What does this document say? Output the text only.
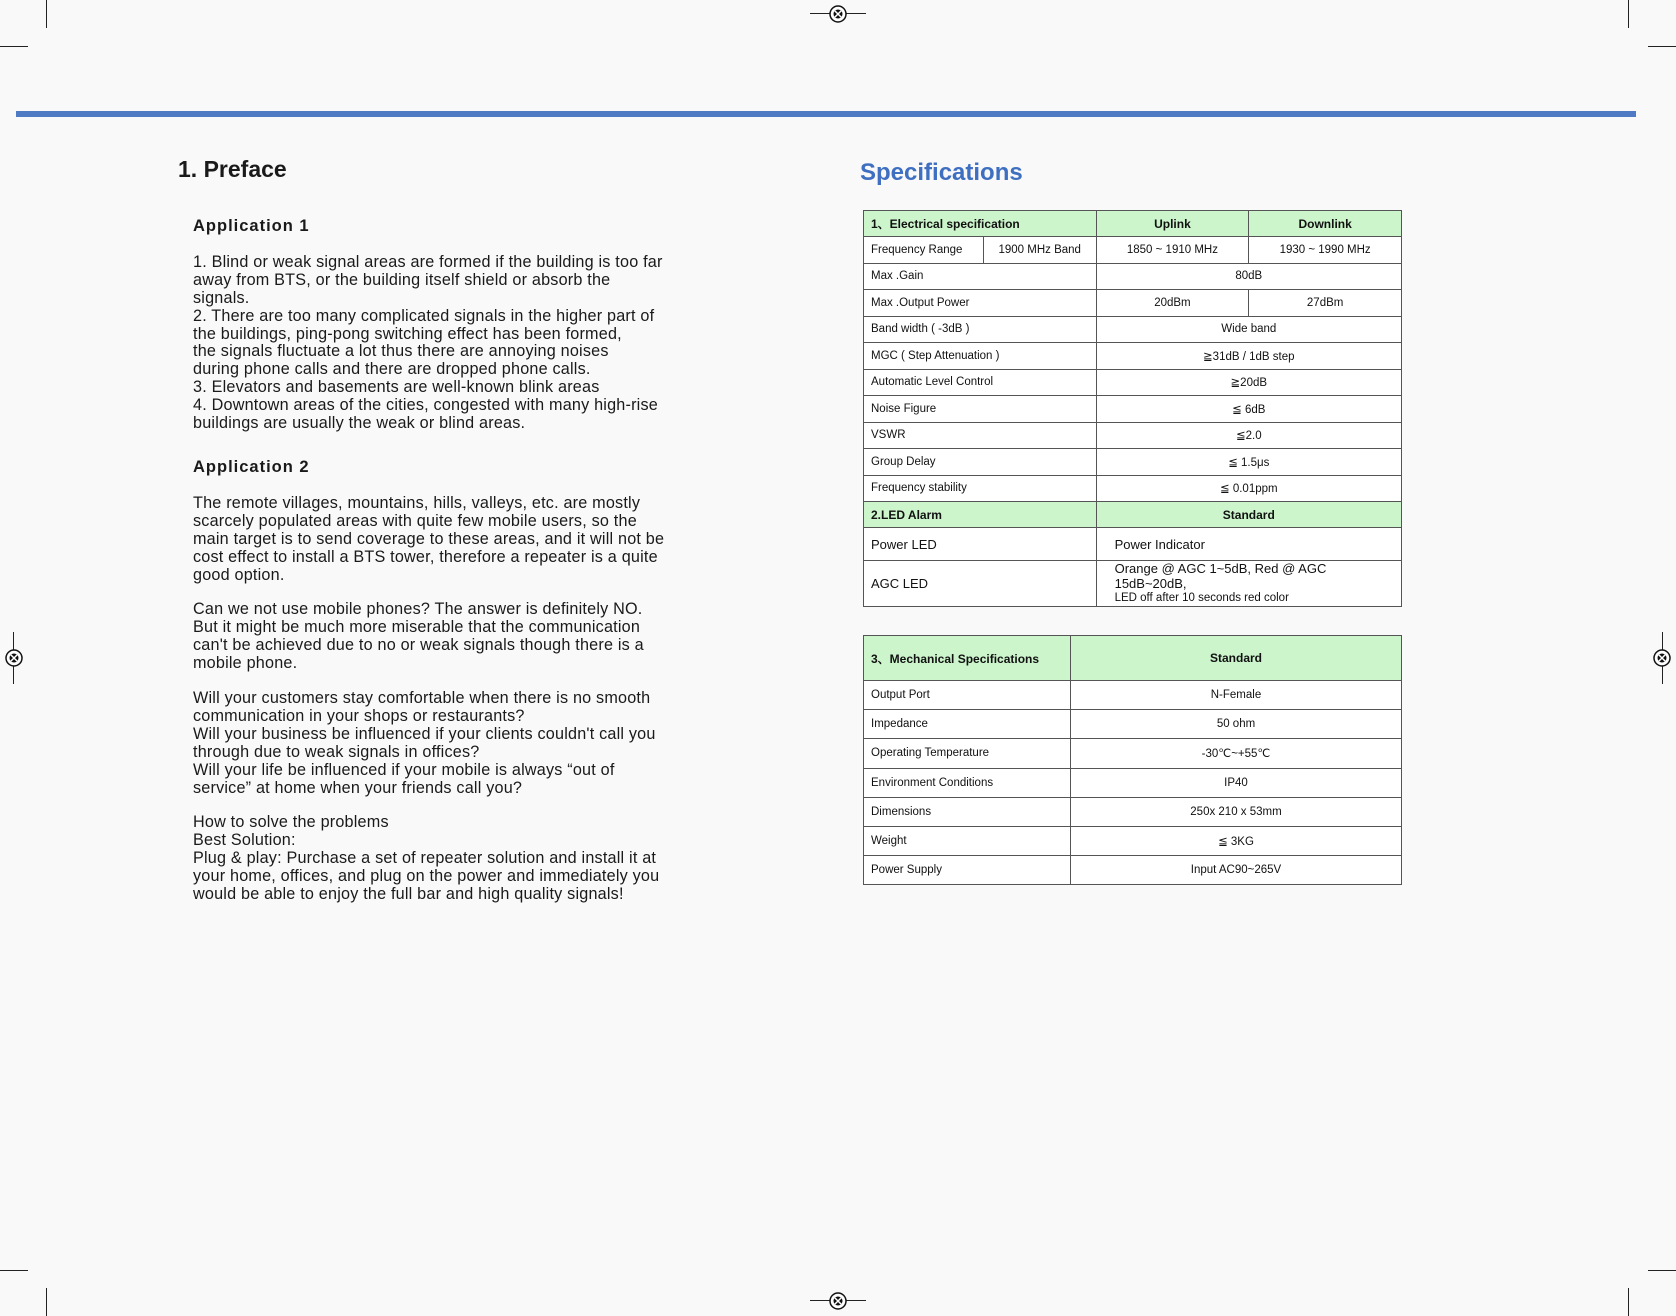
1. Preface
Application 1
1. Blind or weak signal areas are formed if the building is too far
away from BTS, or the building itself shield or absorb the
signals.
2. There are too many complicated signals in the higher part of
the buildings, ping-pong switching effect has been formed,
the signals fluctuate a lot thus there are annoying noises
during phone calls and there are dropped phone calls.
3. Elevators and basements are well-known blink areas
4. Downtown areas of the cities, congested with many high-rise
buildings are usually the weak or blind areas.
Application 2

The remote villages, mountains, hills, valleys, etc. are mostly
scarcely populated areas with quite few mobile users, so the
main target is to send coverage to these areas, and it will not be
cost effect to install a BTS tower, therefore a repeater is a quite
good option.

Can we not use mobile phones? The answer is definitely NO.
But it might be much more miserable that the communication
can't be achieved due to no or weak signals though there is a
mobile phone.

Will your customers stay comfortable when there is no smooth
communication in your shops or restaurants?
Will your business be influenced if your clients couldn't call you
through due to weak signals in offices?
Will your life be influenced if your mobile is always “out of
service” at home when your friends call you?

How to solve the problems
Best Solution:
Plug & play: Purchase a set of repeater solution and install it at
your home, offices, and plug on the power and immediately you
would be able to enjoy the full bar and high quality signals!

Specifications
1、Electrical specification		Uplink	Downlink
Frequency Range	1900 MHz Band	1850 ~ 1910 MHz	1930 ~ 1990 MHz
Max .Gain		80dB	
Max .Output Power		20dBm	27dBm
Band width ( -3dB )		Wide band	
MGC ( Step Attenuation )		≧31dB / 1dB step	
Automatic Level Control		≧20dB	
Noise Figure		≦ 6dB	
VSWR		≦2.0	
Group Delay		≦ 1.5μs	
Frequency stability		≦ 0.01ppm	
2.LED Alarm		Standard	
Power LED		Power Indicator	
AGC LED		Orange @ AGC 1~5dB, Red @ AGC 15dB~20dB,
LED off after 10 seconds red color	
3、Mechanical Specifications	Standard
Output Port	N-Female
Impedance	50 ohm
Operating Temperature	-30℃~+55℃
Environment Conditions	IP40
Dimensions	250x 210 x 53mm
Weight	≦ 3KG
Power Supply	Input AC90~265V
